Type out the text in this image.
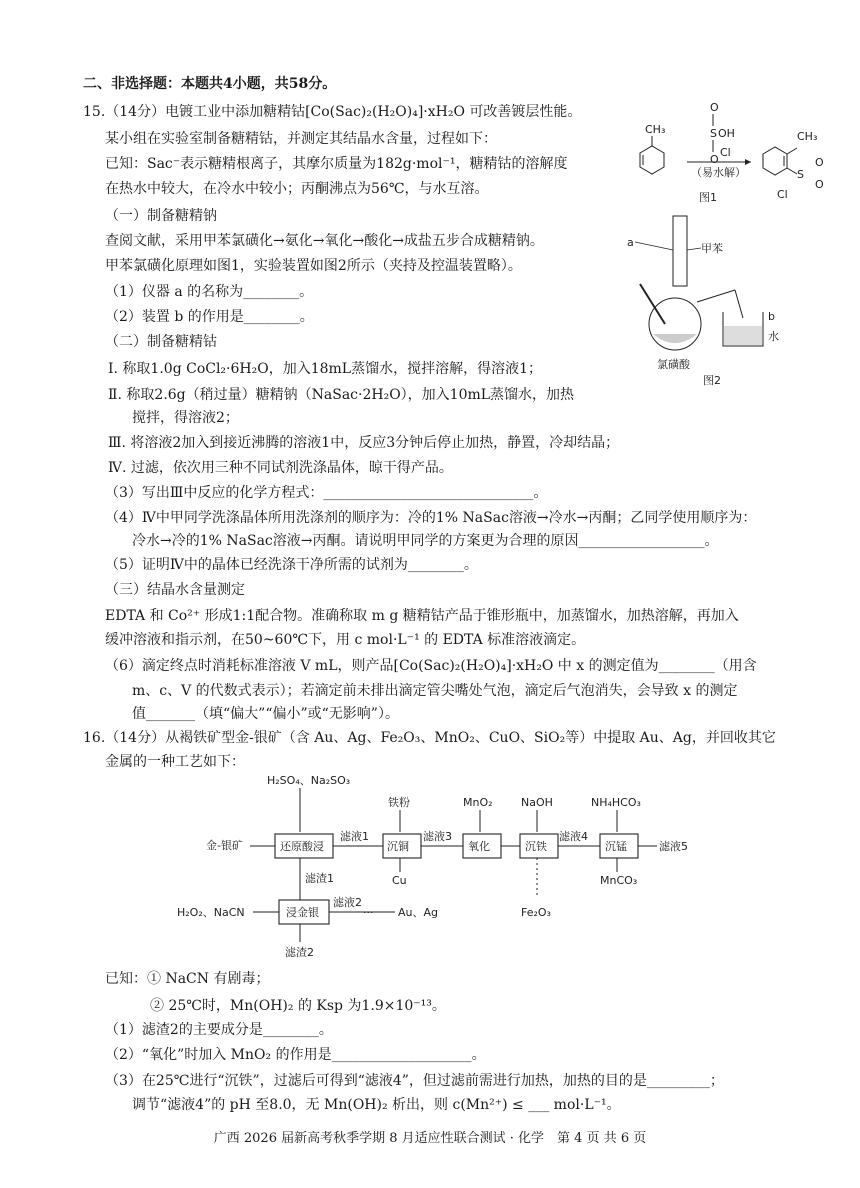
二、非选择题：本题共4小题，共58分。
15.（14分）电镀工业中添加糖精钴[Co(Sac)₂(H₂O)₄]·xH₂O 可改善镀层性能。
某小组在实验室制备糖精钴，并测定其结晶水含量，过程如下：
已知：Sac⁻表示糖精根离子，其摩尔质量为182g·mol⁻¹，糖精钴的溶解度
在热水中较大，在冷水中较小；丙酮沸点为56℃，与水互溶。
（一）制备糖精钠
查阅文献，采用甲苯氯磺化→氨化→氧化→酸化→成盐五步合成糖精钠。
甲苯氯磺化原理如图1，实验装置如图2所示（夹持及控温装置略）。
（1）仪器 a 的名称为________。
（2）装置 b 的作用是________。
（二）制备糖精钴
Ⅰ. 称取1.0g CoCl₂·6H₂O，加入18mL蒸馏水，搅拌溶解，得溶液1；
Ⅱ. 称取2.6g（稍过量）糖精钠（NaSac·2H₂O），加入10mL蒸馏水，加热
搅拌，得溶液2；
Ⅲ. 将溶液2加入到接近沸腾的溶液1中，反应3分钟后停止加热，静置，冷却结晶；
Ⅳ. 过滤，依次用三种不同试剂洗涤晶体，晾干得产品。
（3）写出Ⅲ中反应的化学方程式：______________________________。
（4）Ⅳ中甲同学洗涤晶体所用洗涤剂的顺序为：冷的1% NaSac溶液→冷水→丙酮；乙同学使用顺序为：
冷水→冷的1% NaSac溶液→丙酮。请说明甲同学的方案更为合理的原因__________________。
（5）证明Ⅳ中的晶体已经洗涤干净所需的试剂为________。
（三）结晶水含量测定
EDTA 和 Co²⁺ 形成1:1配合物。准确称取 m g 糖精钴产品于锥形瓶中，加蒸馏水，加热溶解，再加入
缓冲溶液和指示剂，在50~60℃下，用 c mol·L⁻¹ 的 EDTA 标准溶液滴定。
（6）滴定终点时消耗标准溶液 V mL，则产品[Co(Sac)₂(H₂O)₄]·xH₂O 中 x 的测定值为________（用含
m、c、V 的代数式表示）；若滴定前未排出滴定管尖嘴处气泡，滴定后气泡消失，会导致 x 的测定
值_______（填“偏大”“偏小”或“无影响”）。
CH₃
O
S OH
O
Cl
（易水解）
CH₃
S
O
O
Cl
图1
a	甲苯
b
水
氯磺酸
图2
16.（14分）从褐铁矿型金-银矿（含 Au、Ag、Fe₂O₃、MnO₂、CuO、SiO₂等）中提取 Au、Ag，并回收其它
金属的一种工艺如下：
H₂SO₄、Na₂SO₃
金-银矿	还原酸浸
滤液1
铁粉
沉铜
Cu
滤液3
MnO₂
氧化
NaOH
沉铁
Fe₂O₃
滤液4
NH₄HCO₃
沉锰
MnCO₃
滤液5
滤渣1
H₂O₂、NaCN	浸金银
滤液2
··· Au、Ag
滤渣2
已知：① NaCN 有剧毒；
② 25℃时，Mn(OH)₂ 的 Ksp 为1.9×10⁻¹³。
（1）滤渣2的主要成分是________。
（2）“氧化”时加入 MnO₂ 的作用是____________________。
（3）在25℃进行“沉铁”，过滤后可得到“滤液4”，但过滤前需进行加热，加热的目的是_________；
调节“滤液4”的 pH 至8.0，无 Mn(OH)₂ 析出，则 c(Mn²⁺) ≤ ___ mol·L⁻¹。
广西 2026 届新高考秋季学期 8 月适应性联合测试 · 化学　第 4 页 共 6 页
